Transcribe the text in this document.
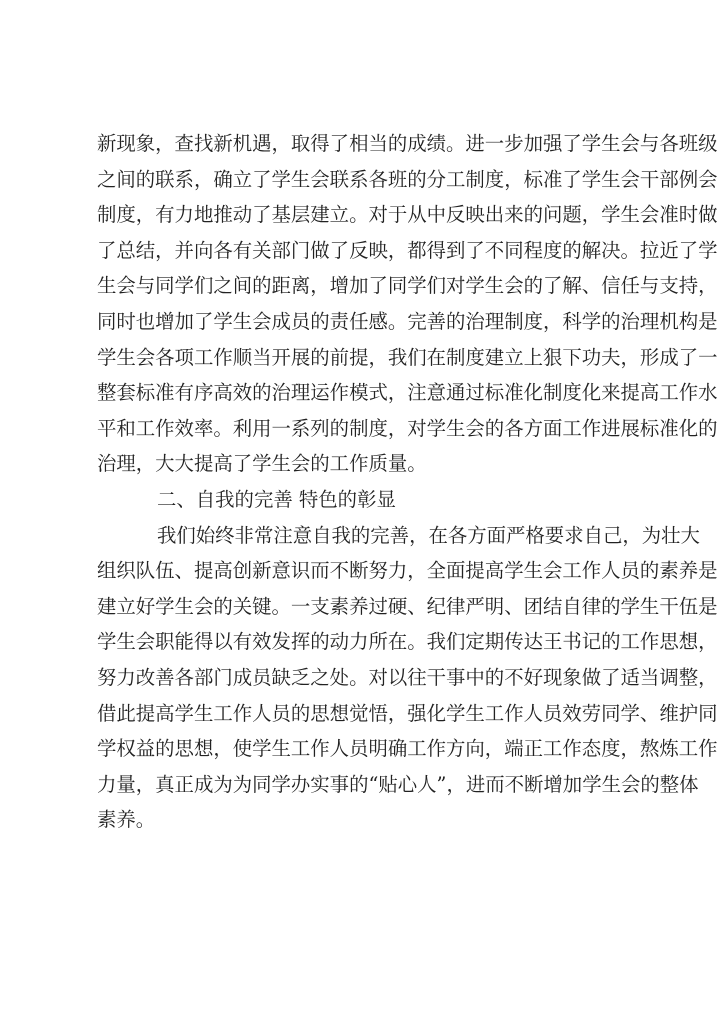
新现象，查找新机遇，取得了相当的成绩。进一步加强了学生会与各班级
之间的联系，确立了学生会联系各班的分工制度，标准了学生会干部例会
制度，有力地推动了基层建立。对于从中反映出来的问题，学生会准时做
了总结，并向各有关部门做了反映，都得到了不同程度的解决。拉近了学
生会与同学们之间的距离，增加了同学们对学生会的了解、信任与支持，
同时也增加了学生会成员的责任感。完善的治理制度，科学的治理机构是
学生会各项工作顺当开展的前提，我们在制度建立上狠下功夫，形成了一
整套标准有序高效的治理运作模式，注意通过标准化制度化来提高工作水
平和工作效率。利用一系列的制度，对学生会的各方面工作进展标准化的
治理，大大提高了学生会的工作质量。
二、自我的完善 特色的彰显
我们始终非常注意自我的完善，在各方面严格要求自己，为壮大
组织队伍、提高创新意识而不断努力，全面提高学生会工作人员的素养是
建立好学生会的关键。一支素养过硬、纪律严明、团结自律的学生干伍是
学生会职能得以有效发挥的动力所在。我们定期传达王书记的工作思想，
努力改善各部门成员缺乏之处。对以往干事中的不好现象做了适当调整，
借此提高学生工作人员的思想觉悟，强化学生工作人员效劳同学、维护同
学权益的思想，使学生工作人员明确工作方向，端正工作态度，熬炼工作
力量，真正成为为同学办实事的“贴心人”，进而不断增加学生会的整体
素养。
